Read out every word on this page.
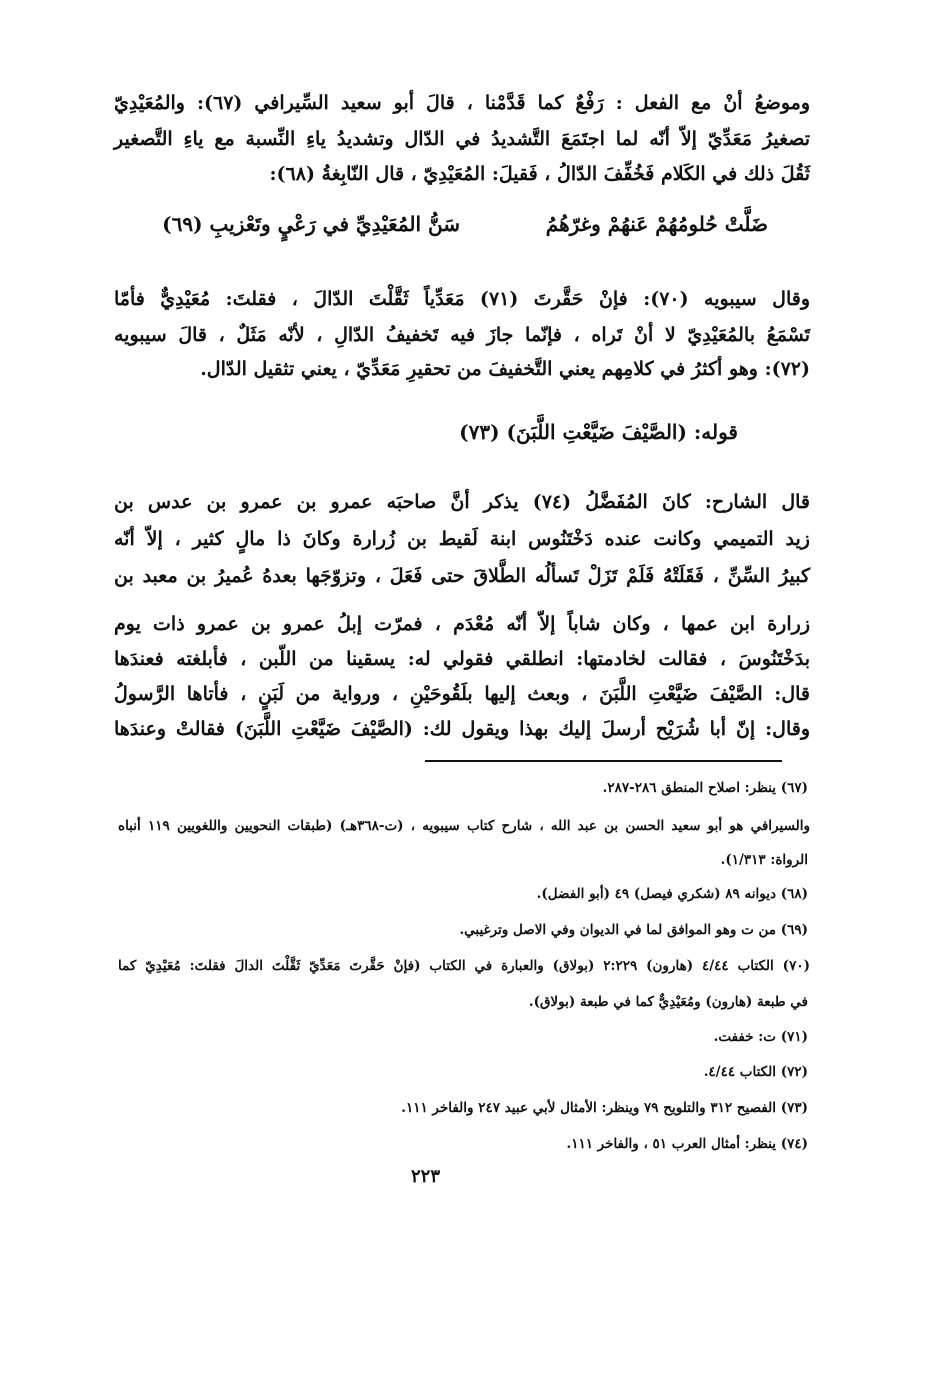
وموضعُ أنْ مع الفعل : رَفْعٌ كما قَدَّمْنا ، قالَ أبو سعيد السِّيرافي (٦٧): والمُعَيْدِيّ
تصغيرُ مَعَدِّيّ إلاّ أنّه لما اجتَمَعَ التَّشديدُ في الدّال وتشديدُ ياءِ النِّسبة مع ياءِ التَّصغير
ثَقُلَ ذلك في الكَلام فَخُفِّفَ الدّالُ ، فَقيلَ: المُعَيْدِيّ ، قال النّابِغةُ (٦٨):
ضَلَّتْ حُلومُهُمْ عَنهُمْ وغرّهُمُ
سَنُّ المُعَيْدِيِّ في رَعْيٍ وتَعْزيبِ (٦٩)
وقال سيبويه (٧٠): فإنْ حَقَّرتَ (٧١) مَعَدِّياً ثَقَّلْتَ الدّالَ ، فقلتَ: مُعَيْدِيٌّ فأمّا
تَسْمَعُ بالمُعَيْدِيّ لا أنْ تَراه ، فإنّما جازَ فيه تَخفيفُ الدّالِ ، لأنّه مَثَلٌ ، قالَ سيبويه
(٧٢): وهو أكثرُ في كلامِهم يعني التَّخفيفَ من تحقيرِ مَعَدِّيّ ، يعني تثقيل الدّال.
قوله: (الصَّيْفَ ضَيَّعْتِ اللَّبَنَ) (٧٣)
قال الشارح: كانَ المُفَضَّلُ (٧٤) يذكر أنَّ صاحبَه عمرو بن عمرو بن عدس بن
زيد التميمي وكانت عنده دَخْتَنُوس ابنة لَقيط بن زُرارة وكانَ ذا مالٍ كثير ، إلاّ أنّه
كبيرُ السِّنِّ ، فَقَلَتْهُ فَلَمْ تَزَلْ تَسألُه الطَّلاقَ حتى فَعَلَ ، وتزوّجَها بعدهُ عُميرُ بن معبد بن
زرارة ابن عمها ، وكان شاباً إلاّ أنّه مُعْدَم ، فمرّت إبلُ عمرو بن عمرو ذات يوم
بدَخْتَنُوسَ ، فقالت لخادمتها: انطلقي فقولي له: يسقينا من اللّبن ، فأبلغته فعندَها
قال: الصَّيْفَ ضَيَّعْتِ اللَّبَنَ ، وبعث إليها بلَقُوحَيْنِ ، ورواية من لَبَنٍ ، فأتاها الرَّسولُ
وقال: إنّ أبا شُرَيْح أرسلَ إليك بهذا ويقول لك: (الصَّيْفَ ضَيَّعْتِ اللَّبَنَ) فقالتْ وعندَها
(٦٧) ينظر: اصلاح المنطق ٢٨٦-٢٨٧.
والسيرافي هو أبو سعيد الحسن بن عبد الله ، شارح كتاب سيبويه ، (ت-٣٦٨هـ) (طبقات النحويين واللغويين ١١٩ أنباه
الرواة: ١/٣١٣).
(٦٨) ديوانه ٨٩ (شكري فيصل) ٤٩ (أبو الفضل).
(٦٩) من ت وهو الموافق لما في الديوان وفي الاصل وترغيبي.
(٧٠) الكتاب ٤/٤٤ (هارون) ٢:٢٢٩ (بولاق) والعبارة في الكتاب (فإنْ حَقَّرتَ مَعَدِّيّ ثَقَّلْتَ الدالَ فقلتَ: مُعَيْدِيّ كما
في طبعة (هارون) ومُعَيْدِيٌّ كما في طبعة (بولاق).
(٧١) ت: خففت.
(٧٢) الكتاب ٤/٤٤.
(٧٣) الفصيح ٣١٢ والتلويح ٧٩ وينظر: الأمثال لأبي عبيد ٢٤٧ والفاخر ١١١.
(٧٤) ينظر: أمثال العرب ٥١ ، والفاخر ١١١.
٢٢٣
